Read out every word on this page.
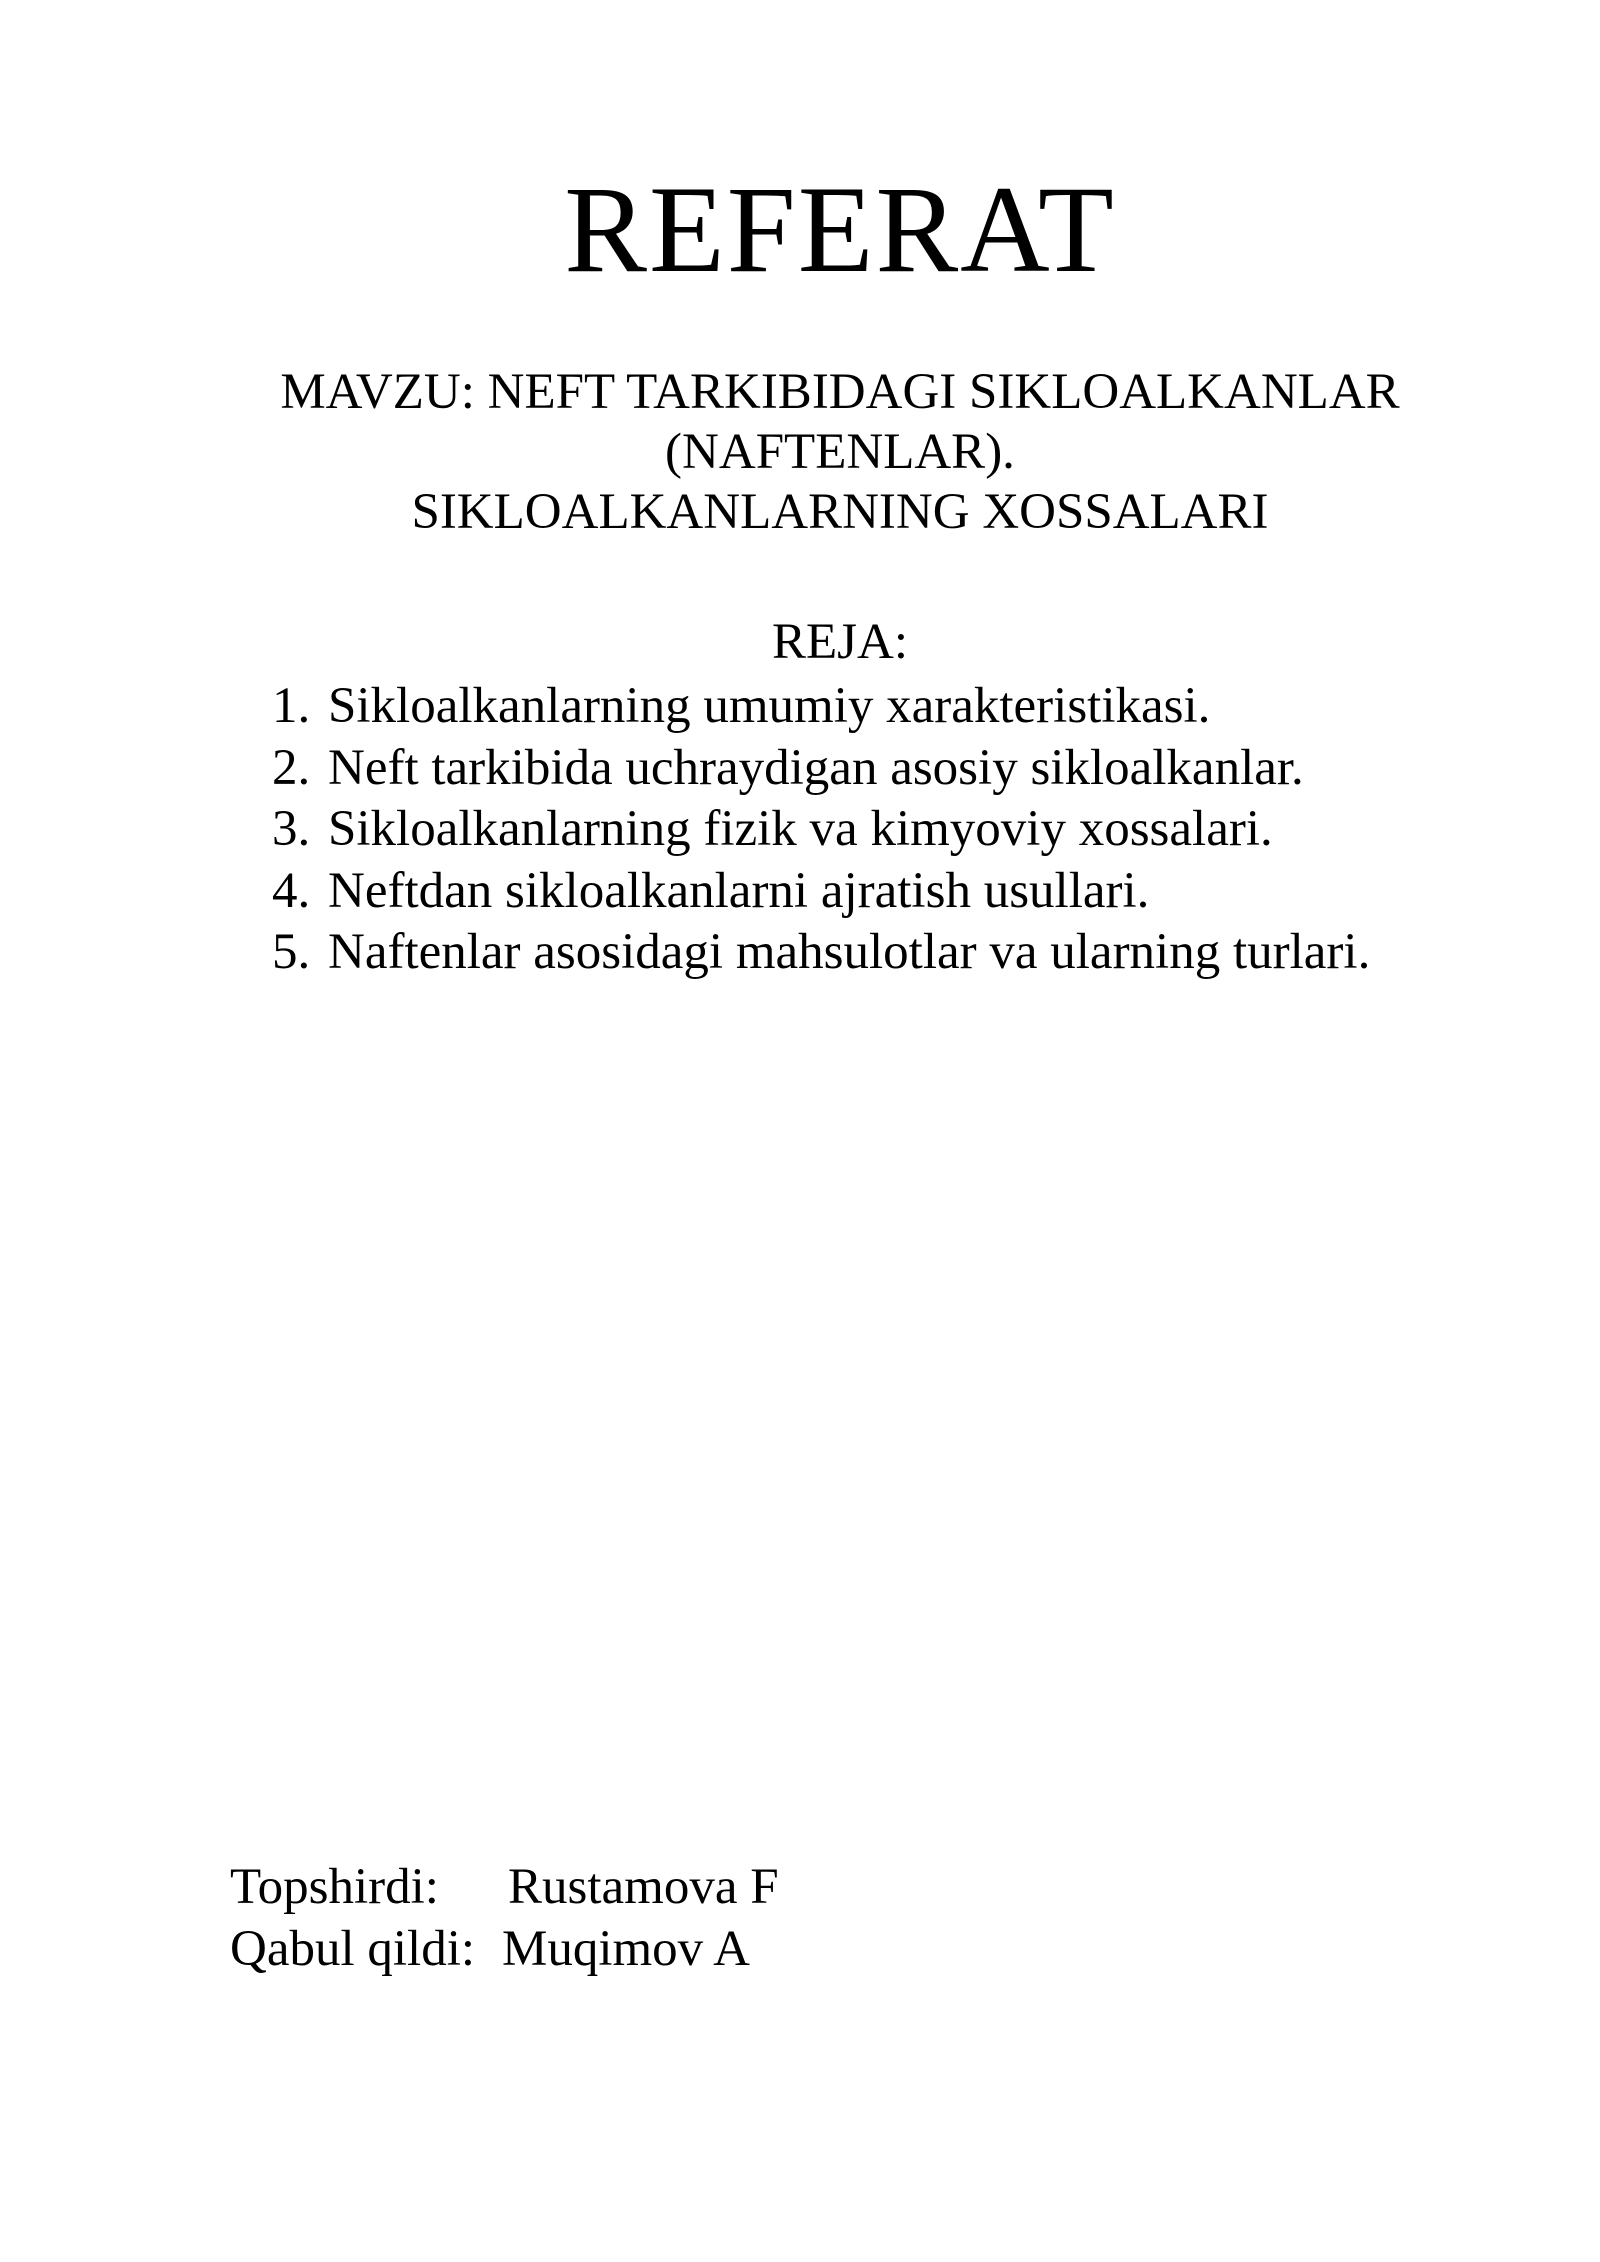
REFERAT
MAVZU: NEFT TARKIBIDAGI SIKLOALKANLAR
(NAFTENLAR).
SIKLOALKANLARNING XOSSALARI
REJA:
1. Sikloalkanlarning umumiy xarakteristikasi.
2. Neft tarkibida uchraydigan asosiy sikloalkanlar.
3. Sikloalkanlarning fizik va kimyoviy xossalari.
4. Neftdan sikloalkanlarni ajratish usullari.
5. Naftenlar asosidagi mahsulotlar va ularning turlari.
Topshirdi: Rustamova F
Qabul qildi: Muqimov A
